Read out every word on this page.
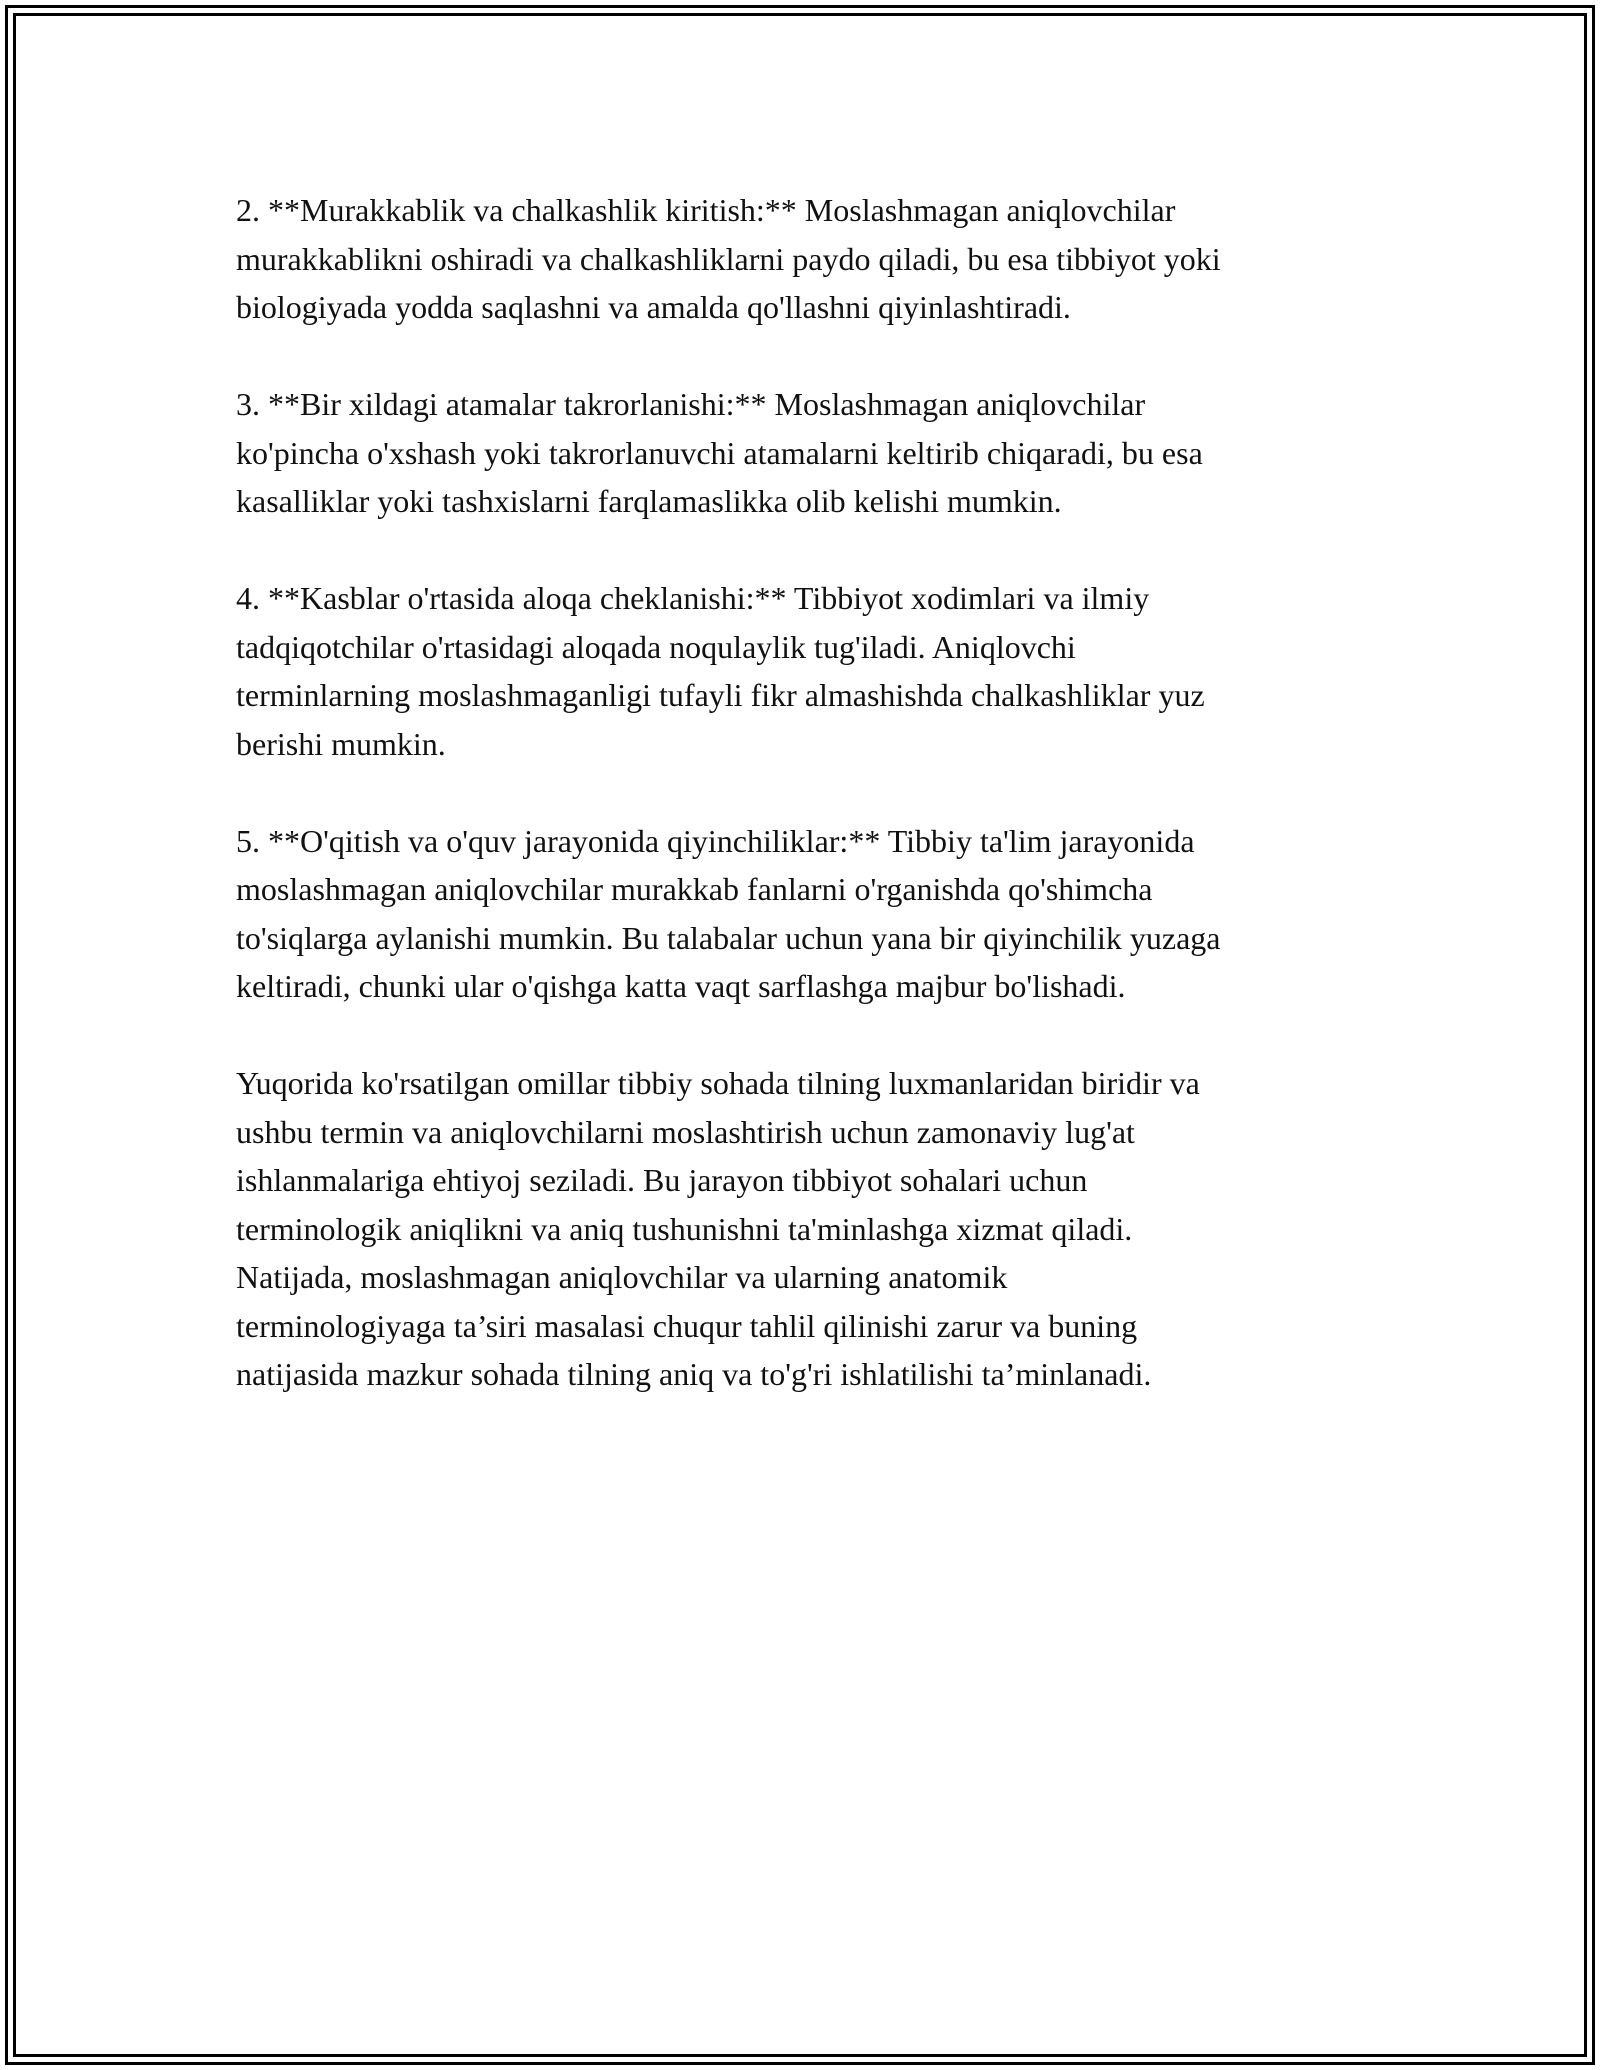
2. **Murakkablik va chalkashlik kiritish:** Moslashmagan aniqlovchilar
murakkablikni oshiradi va chalkashliklarni paydo qiladi, bu esa tibbiyot yoki
biologiyada yodda saqlashni va amalda qo'llashni qiyinlashtiradi.

3. **Bir xildagi atamalar takrorlanishi:** Moslashmagan aniqlovchilar
ko'pincha o'xshash yoki takrorlanuvchi atamalarni keltirib chiqaradi, bu esa
kasalliklar yoki tashxislarni farqlamaslikka olib kelishi mumkin.

4. **Kasblar o'rtasida aloqa cheklanishi:** Tibbiyot xodimlari va ilmiy
tadqiqotchilar o'rtasidagi aloqada noqulaylik tug'iladi. Aniqlovchi
terminlarning moslashmaganligi tufayli fikr almashishda chalkashliklar yuz
berishi mumkin.

5. **O'qitish va o'quv jarayonida qiyinchiliklar:** Tibbiy ta'lim jarayonida
moslashmagan aniqlovchilar murakkab fanlarni o'rganishda qo'shimcha
to'siqlarga aylanishi mumkin. Bu talabalar uchun yana bir qiyinchilik yuzaga
keltiradi, chunki ular o'qishga katta vaqt sarflashga majbur bo'lishadi.

Yuqorida ko'rsatilgan omillar tibbiy sohada tilning luxmanlaridan biridir va
ushbu termin va aniqlovchilarni moslashtirish uchun zamonaviy lug'at
ishlanmalariga ehtiyoj seziladi. Bu jarayon tibbiyot sohalari uchun
terminologik aniqlikni va aniq tushunishni ta'minlashga xizmat qiladi.
Natijada, moslashmagan aniqlovchilar va ularning anatomik
terminologiyaga ta’siri masalasi chuqur tahlil qilinishi zarur va buning
natijasida mazkur sohada tilning aniq va to'g'ri ishlatilishi ta’minlanadi.
